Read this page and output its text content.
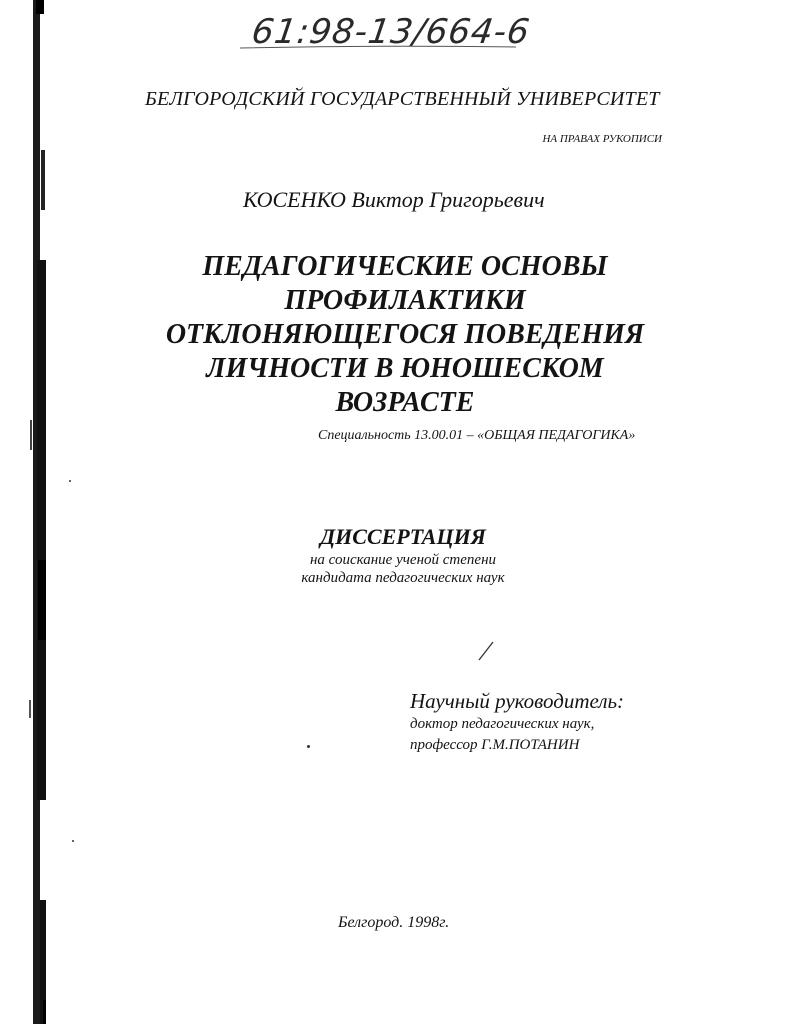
61:98-13/664-6
БЕЛГОРОДСКИЙ ГОСУДАРСТВЕННЫЙ УНИВЕРСИТЕТ
НА ПРАВАХ РУКОПИСИ
КОСЕНКО Виктор Григорьевич
ПЕДАГОГИЧЕСКИЕ ОСНОВЫ
ПРОФИЛАКТИКИ
ОТКЛОНЯЮЩЕГОСЯ ПОВЕДЕНИЯ
ЛИЧНОСТИ В ЮНОШЕСКОМ
ВОЗРАСТЕ
Специальность 13.00.01 – «ОБЩАЯ ПЕДАГОГИКА»
ДИССЕРТАЦИЯ
на соискание ученой степени
кандидата педагогических наук
Научный руководитель:
доктор педагогических наук,
профессор Г.М.ПОТАНИН
Белгород. 1998г.
